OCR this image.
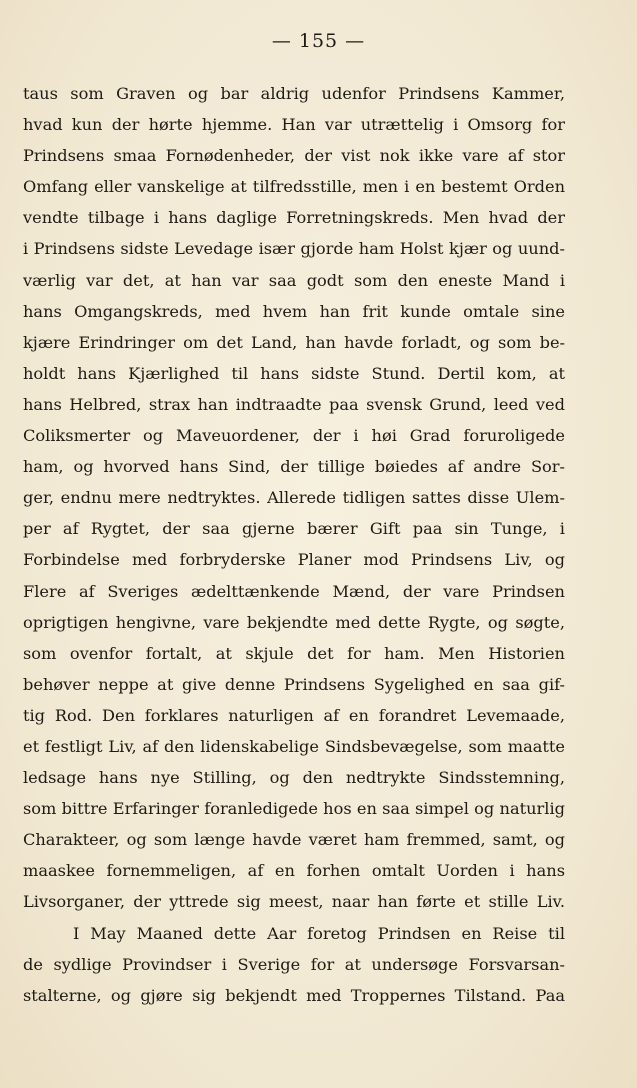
— 155 —
taus som Graven og bar aldrig udenfor Prindsens Kammer,
hvad kun der hørte hjemme. Han var utrættelig i Omsorg for
Prindsens smaa Fornødenheder, der vist nok ikke vare af stor
Omfang eller vanskelige at tilfredsstille, men i en bestemt Orden
vendte tilbage i hans daglige Forretningskreds. Men hvad der
i Prindsens sidste Levedage især gjorde ham Holst kjær og uund-
værlig var det, at han var saa godt som den eneste Mand i
hans Omgangskreds, med hvem han frit kunde omtale sine
kjære Erindringer om det Land, han havde forladt, og som be-
holdt hans Kjærlighed til hans sidste Stund. Dertil kom, at
hans Helbred, strax han indtraadte paa svensk Grund, leed ved
Coliksmerter og Maveuordener, der i høi Grad foruroligede
ham, og hvorved hans Sind, der tillige bøiedes af andre Sor-
ger, endnu mere nedtryktes. Allerede tidligen sattes disse Ulem-
per af Rygtet, der saa gjerne bærer Gift paa sin Tunge, i
Forbindelse med forbryderske Planer mod Prindsens Liv, og
Flere af Sveriges ædelttænkende Mænd, der vare Prindsen
oprigtigen hengivne, vare bekjendte med dette Rygte, og søgte,
som ovenfor fortalt, at skjule det for ham. Men Historien
behøver neppe at give denne Prindsens Sygelighed en saa gif-
tig Rod. Den forklares naturligen af en forandret Levemaade,
et festligt Liv, af den lidenskabelige Sindsbevægelse, som maatte
ledsage hans nye Stilling, og den nedtrykte Sindsstemning,
som bittre Erfaringer foranledigede hos en saa simpel og naturlig
Charakteer, og som længe havde været ham fremmed, samt, og
maaskee fornemmeligen, af en forhen omtalt Uorden i hans
Livsorganer, der yttrede sig meest, naar han førte et stille Liv.
I May Maaned dette Aar foretog Prindsen en Reise til
de sydlige Provindser i Sverige for at undersøge Forsvarsan-
stalterne, og gjøre sig bekjendt med Troppernes Tilstand. Paa
